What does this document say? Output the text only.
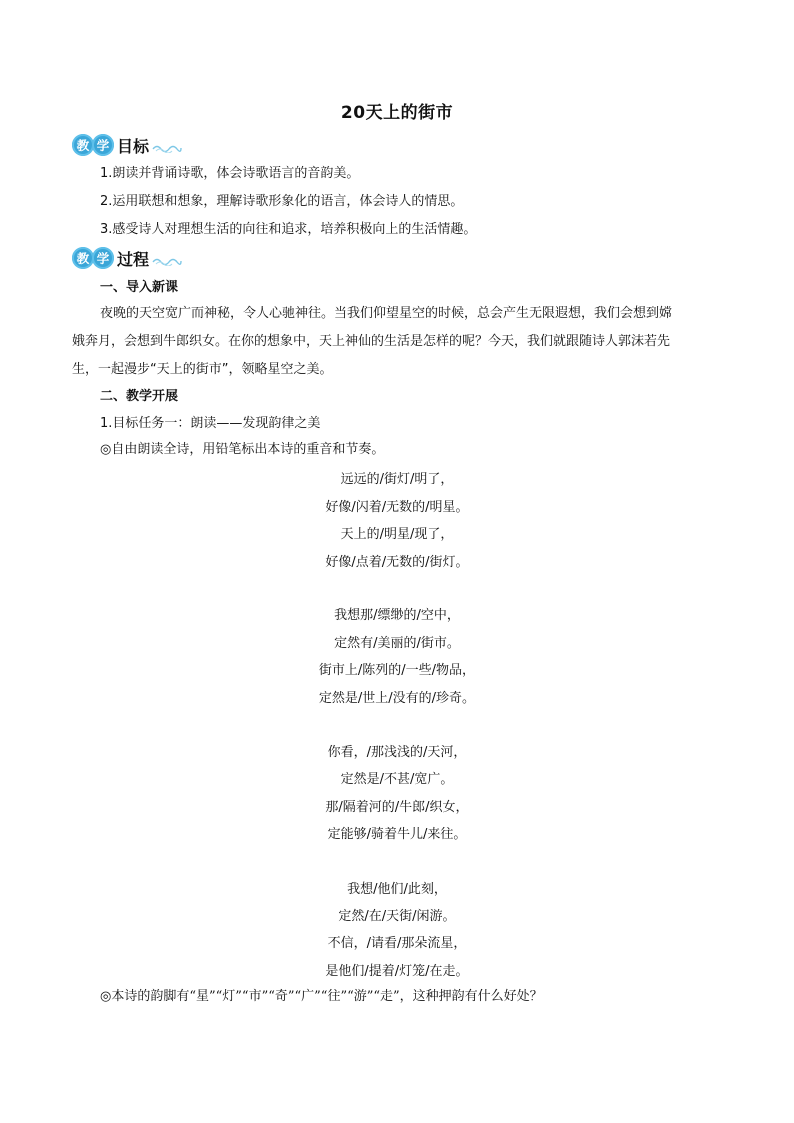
20天上的街市
教 学 目标
1.朗读并背诵诗歌，体会诗歌语言的音韵美。
2.运用联想和想象，理解诗歌形象化的语言，体会诗人的情思。
3.感受诗人对理想生活的向往和追求，培养积极向上的生活情趣。
教 学 过程
一、导入新课
夜晚的天空宽广而神秘，令人心驰神往。当我们仰望星空的时候，总会产生无限遐想，我们会想到嫦
娥奔月，会想到牛郎织女。在你的想象中，天上神仙的生活是怎样的呢？今天，我们就跟随诗人郭沫若先
生，一起漫步“天上的街市”，领略星空之美。
二、教学开展
1.目标任务一：朗读——发现韵律之美
◎自由朗读全诗，用铅笔标出本诗的重音和节奏。
远远的/街灯/明了，
好像/闪着/无数的/明星。
天上的/明星/现了，
好像/点着/无数的/街灯。
我想那/缥缈的/空中，
定然有/美丽的/街市。
街市上/陈列的/一些/物品，
定然是/世上/没有的/珍奇。
你看，/那浅浅的/天河，
定然是/不甚/宽广。
那/隔着河的/牛郎/织女，
定能够/骑着牛儿/来往。
我想/他们/此刻，
定然/在/天街/闲游。
不信，/请看/那朵流星，
是他们/提着/灯笼/在走。
◎本诗的韵脚有“星”“灯”“市”“奇”“广”“往”“游”“走”，这种押韵有什么好处？
